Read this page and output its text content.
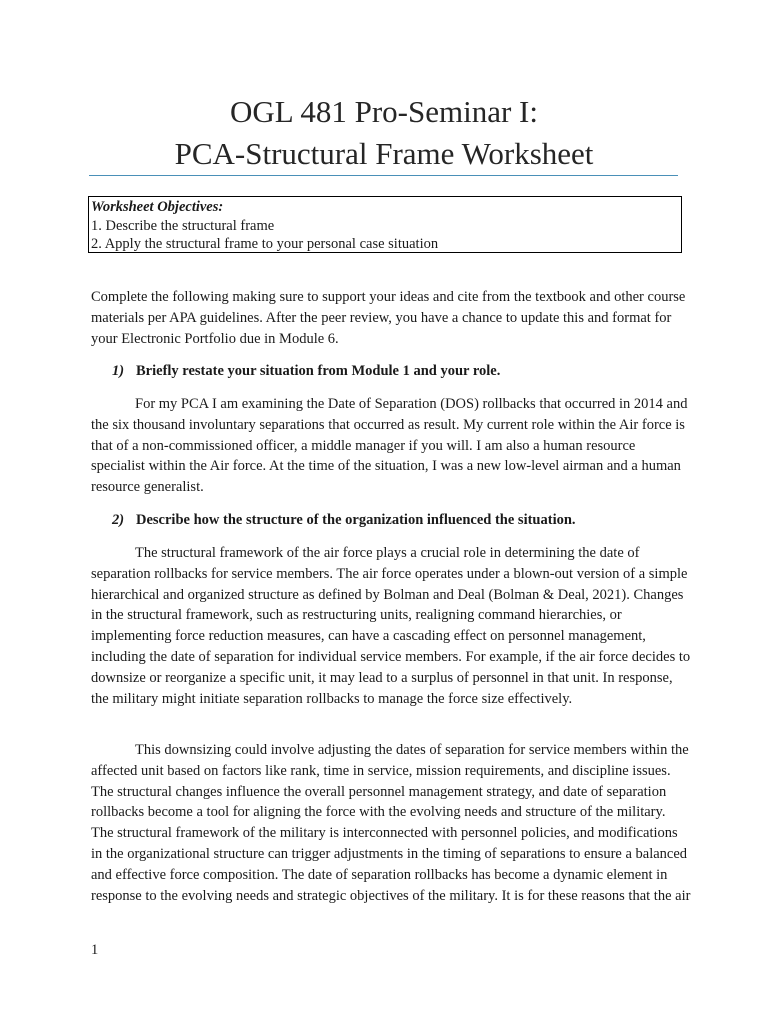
OGL 481 Pro-Seminar I:
PCA-Structural Frame Worksheet
Worksheet Objectives:
1. Describe the structural frame
2. Apply the structural frame to your personal case situation

Complete the following making sure to support your ideas and cite from the textbook and other course materials per APA guidelines. After the peer review, you have a chance to update this and format for your Electronic Portfolio due in Module 6.

1) Briefly restate your situation from Module 1 and your role.

For my PCA I am examining the Date of Separation (DOS) rollbacks that occurred in 2014 and the six thousand involuntary separations that occurred as result. My current role within the Air force is that of a non-commissioned officer, a middle manager if you will. I am also a human resource specialist within the Air force. At the time of the situation, I was a new low-level airman and a human resource generalist.

2) Describe how the structure of the organization influenced the situation.

The structural framework of the air force plays a crucial role in determining the date of separation rollbacks for service members. The air force operates under a blown-out version of a simple hierarchical and organized structure as defined by Bolman and Deal (Bolman & Deal, 2021). Changes in the structural framework, such as restructuring units, realigning command hierarchies, or implementing force reduction measures, can have a cascading effect on personnel management, including the date of separation for individual service members. For example, if the air force decides to downsize or reorganize a specific unit, it may lead to a surplus of personnel in that unit. In response, the military might initiate separation rollbacks to manage the force size effectively.

This downsizing could involve adjusting the dates of separation for service members within the affected unit based on factors like rank, time in service, mission requirements, and discipline issues. The structural changes influence the overall personnel management strategy, and date of separation rollbacks become a tool for aligning the force with the evolving needs and structure of the military. The structural framework of the military is interconnected with personnel policies, and modifications in the organizational structure can trigger adjustments in the timing of separations to ensure a balanced and effective force composition. The date of separation rollbacks has become a dynamic element in response to the evolving needs and strategic objectives of the military. It is for these reasons that the air

1
